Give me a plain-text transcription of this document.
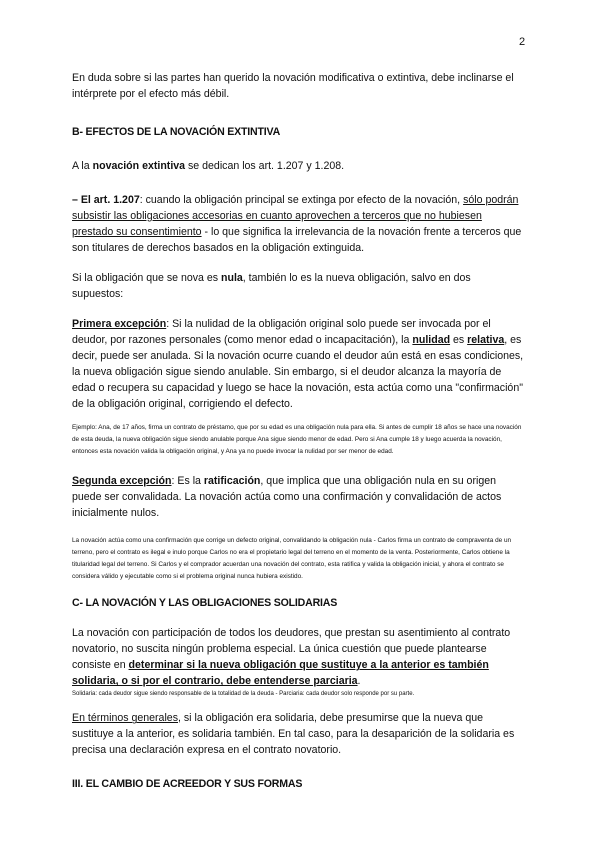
2

En duda sobre si las partes han querido la novación modificativa o extintiva, debe inclinarse el intérprete por el efecto más débil.

B- EFECTOS DE LA NOVACIÓN EXTINTIVA

A la novación extintiva se dedican los art. 1.207 y 1.208.

– El art. 1.207: cuando la obligación principal se extinga por efecto de la novación, sólo podrán subsistir las obligaciones accesorias en cuanto aprovechen a terceros que no hubiesen prestado su consentimiento - lo que significa la irrelevancia de la novación frente a terceros que son titulares de derechos basados en la obligación extinguida.

Si la obligación que se nova es nula, también lo es la nueva obligación, salvo en dos supuestos:

Primera excepción: Si la nulidad de la obligación original solo puede ser invocada por el deudor, por razones personales (como menor edad o incapacitación), la nulidad es relativa, es decir, puede ser anulada. Si la novación ocurre cuando el deudor aún está en esas condiciones, la nueva obligación sigue siendo anulable. Sin embargo, si el deudor alcanza la mayoría de edad o recupera su capacidad y luego se hace la novación, esta actúa como una "confirmación" de la obligación original, corrigiendo el defecto.

Ejemplo: Ana, de 17 años, firma un contrato de préstamo, que por su edad es una obligación nula para ella. Si antes de cumplir 18 años se hace una novación de esta deuda, la nueva obligación sigue siendo anulable porque Ana sigue siendo menor de edad. Pero si Ana cumple 18 y luego acuerda la novación, entonces esta novación valida la obligación original, y Ana ya no puede invocar la nulidad por ser menor de edad.

Segunda excepción: Es la ratificación, que implica que una obligación nula en su origen puede ser convalidada. La novación actúa como una confirmación y convalidación de actos inicialmente nulos.

La novación actúa como una confirmación que corrige un defecto original, convalidando la obligación nula - Carlos firma un contrato de compraventa de un terreno, pero el contrato es ilegal e inulo porque Carlos no era el propietario legal del terreno en el momento de la venta. Posteriormente, Carlos obtiene la titularidad legal del terreno. Si Carlos y el comprador acuerdan una novación del contrato, esta ratifica y valida la obligación inicial, y ahora el contrato se considera válido y ejecutable como si el problema original nunca hubiera existido.

C- LA NOVACIÓN Y LAS OBLIGACIONES SOLIDARIAS

La novación con participación de todos los deudores, que prestan su asentimiento al contrato novatorio, no suscita ningún problema especial. La única cuestión que puede plantearse consiste en determinar si la nueva obligación que sustituye a la anterior es también solidaria, o si por el contrario, debe entenderse parciaria.

Solidaria: cada deudor sigue siendo responsable de la totalidad de la deuda - Parciaria: cada deudor solo responde por su parte.

En términos generales, si la obligación era solidaria, debe presumirse que la nueva que sustituye a la anterior, es solidaria también. En tal caso, para la desaparición de la solidaria es precisa una declaración expresa en el contrato novatorio.

III. EL CAMBIO DE ACREEDOR Y SUS FORMAS
